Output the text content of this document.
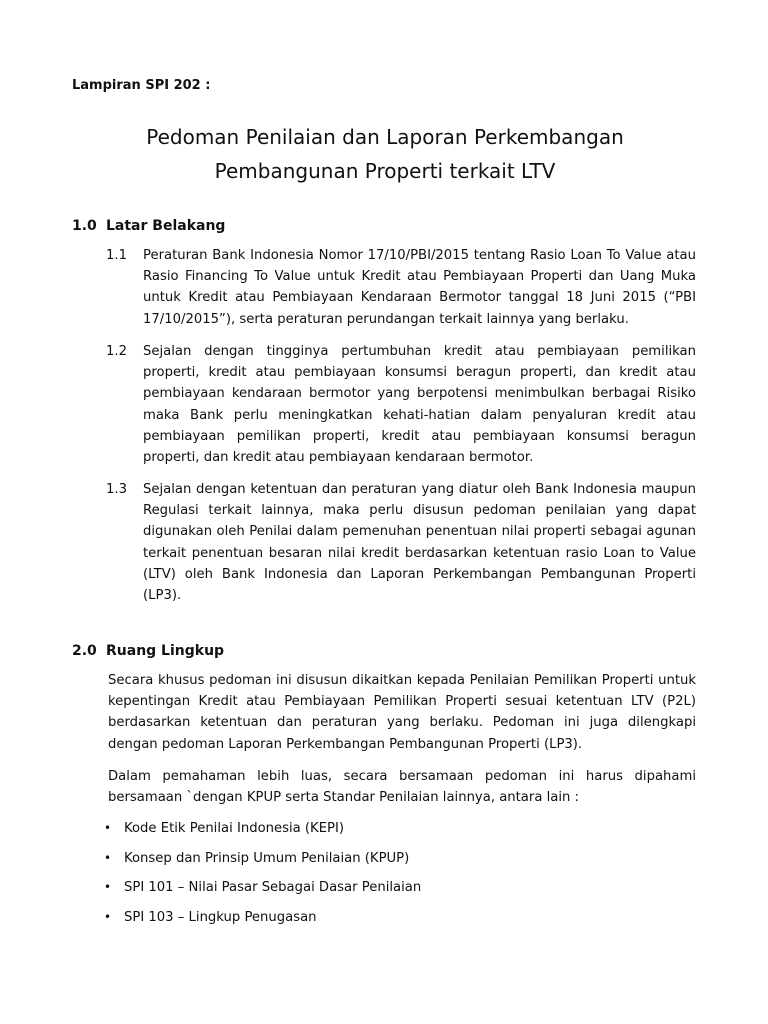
Lampiran SPI 202 :
Pedoman Penilaian dan Laporan Perkembangan
Pembangunan Properti terkait LTV
1.0 Latar Belakang
1.1 Peraturan Bank Indonesia Nomor 17/10/PBI/2015 tentang Rasio Loan To Value atau Rasio Financing To Value untuk Kredit atau Pembiayaan Properti dan Uang Muka untuk Kredit atau Pembiayaan Kendaraan Bermotor tanggal 18 Juni 2015 (“PBI 17/10/2015”), serta peraturan perundangan terkait lainnya yang berlaku.
1.2 Sejalan dengan tingginya pertumbuhan kredit atau pembiayaan pemilikan properti, kredit atau pembiayaan konsumsi beragun properti, dan kredit atau pembiayaan kendaraan bermotor yang berpotensi menimbulkan berbagai Risiko maka Bank perlu meningkatkan kehati-hatian dalam penyaluran kredit atau pembiayaan pemilikan properti, kredit atau pembiayaan konsumsi beragun properti, dan kredit atau pembiayaan kendaraan bermotor.
1.3 Sejalan dengan ketentuan dan peraturan yang diatur oleh Bank Indonesia maupun Regulasi terkait lainnya, maka perlu disusun pedoman penilaian yang dapat digunakan oleh Penilai dalam pemenuhan penentuan nilai properti sebagai agunan terkait penentuan besaran nilai kredit berdasarkan ketentuan rasio Loan to Value (LTV) oleh Bank Indonesia dan Laporan Perkembangan Pembangunan Properti (LP3).
2.0 Ruang Lingkup

Secara khusus pedoman ini disusun dikaitkan kepada Penilaian Pemilikan Properti untuk kepentingan Kredit atau Pembiayaan Pemilikan Properti sesuai ketentuan LTV (P2L) berdasarkan ketentuan dan peraturan yang berlaku. Pedoman ini juga dilengkapi dengan pedoman Laporan Perkembangan Pembangunan Properti (LP3).

Dalam pemahaman lebih luas, secara bersamaan pedoman ini harus dipahami bersamaan `dengan KPUP serta Standar Penilaian lainnya, antara lain :

• Kode Etik Penilai Indonesia (KEPI)
• Konsep dan Prinsip Umum Penilaian (KPUP)
• SPI 101 – Nilai Pasar Sebagai Dasar Penilaian
• SPI 103 – Lingkup Penugasan
